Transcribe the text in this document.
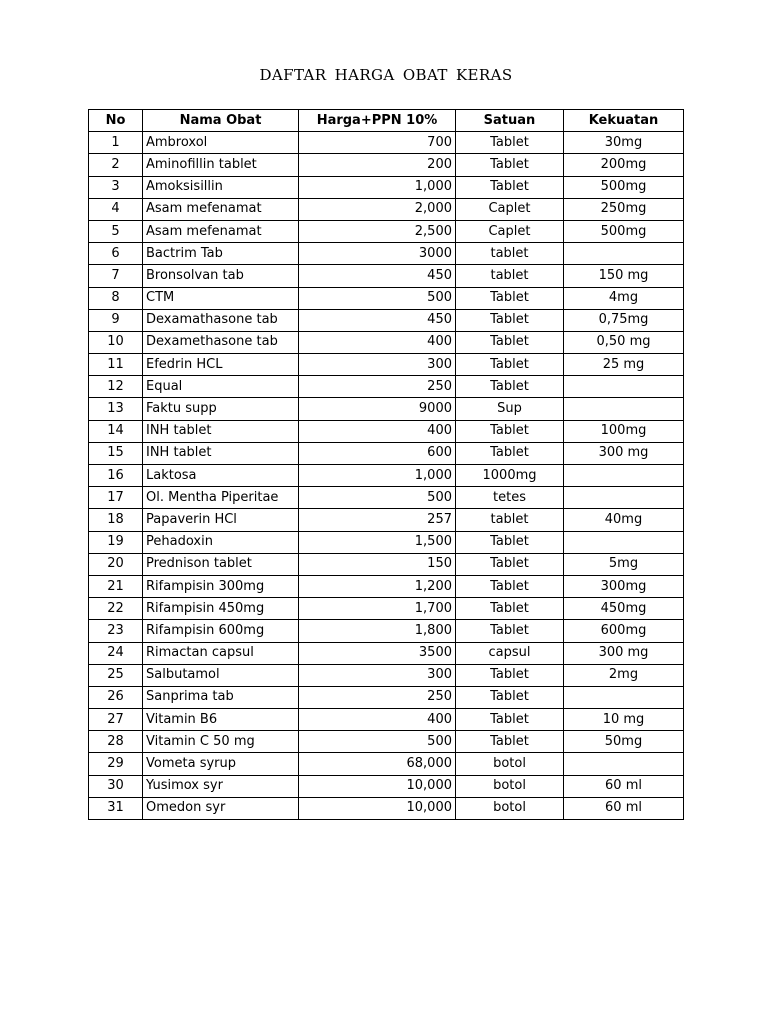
DAFTAR HARGA OBAT KERAS
No	Nama Obat	Harga+PPN 10%	Satuan	Kekuatan
1	Ambroxol	700	Tablet	30mg
2	Aminofillin tablet	200	Tablet	200mg
3	Amoksisillin	1,000	Tablet	500mg
4	Asam mefenamat	2,000	Caplet	250mg
5	Asam mefenamat	2,500	Caplet	500mg
6	Bactrim Tab	3000	tablet	
7	Bronsolvan tab	450	tablet	150 mg
8	CTM	500	Tablet	4mg
9	Dexamathasone tab	450	Tablet	0,75mg
10	Dexamethasone tab	400	Tablet	0,50 mg
11	Efedrin HCL	300	Tablet	25 mg
12	Equal	250	Tablet	
13	Faktu supp	9000	Sup	
14	INH tablet	400	Tablet	100mg
15	INH tablet	600	Tablet	300 mg
16	Laktosa	1,000	1000mg	
17	Ol. Mentha Piperitae	500	tetes	
18	Papaverin HCl	257	tablet	40mg
19	Pehadoxin	1,500	Tablet	
20	Prednison tablet	150	Tablet	5mg
21	Rifampisin 300mg	1,200	Tablet	300mg
22	Rifampisin 450mg	1,700	Tablet	450mg
23	Rifampisin 600mg	1,800	Tablet	600mg
24	Rimactan capsul	3500	capsul	300 mg
25	Salbutamol	300	Tablet	2mg
26	Sanprima tab	250	Tablet	
27	Vitamin B6	400	Tablet	10 mg
28	Vitamin C 50 mg	500	Tablet	50mg
29	Vometa syrup	68,000	botol	
30	Yusimox syr	10,000	botol	60 ml
31	Omedon syr	10,000	botol	60 ml
